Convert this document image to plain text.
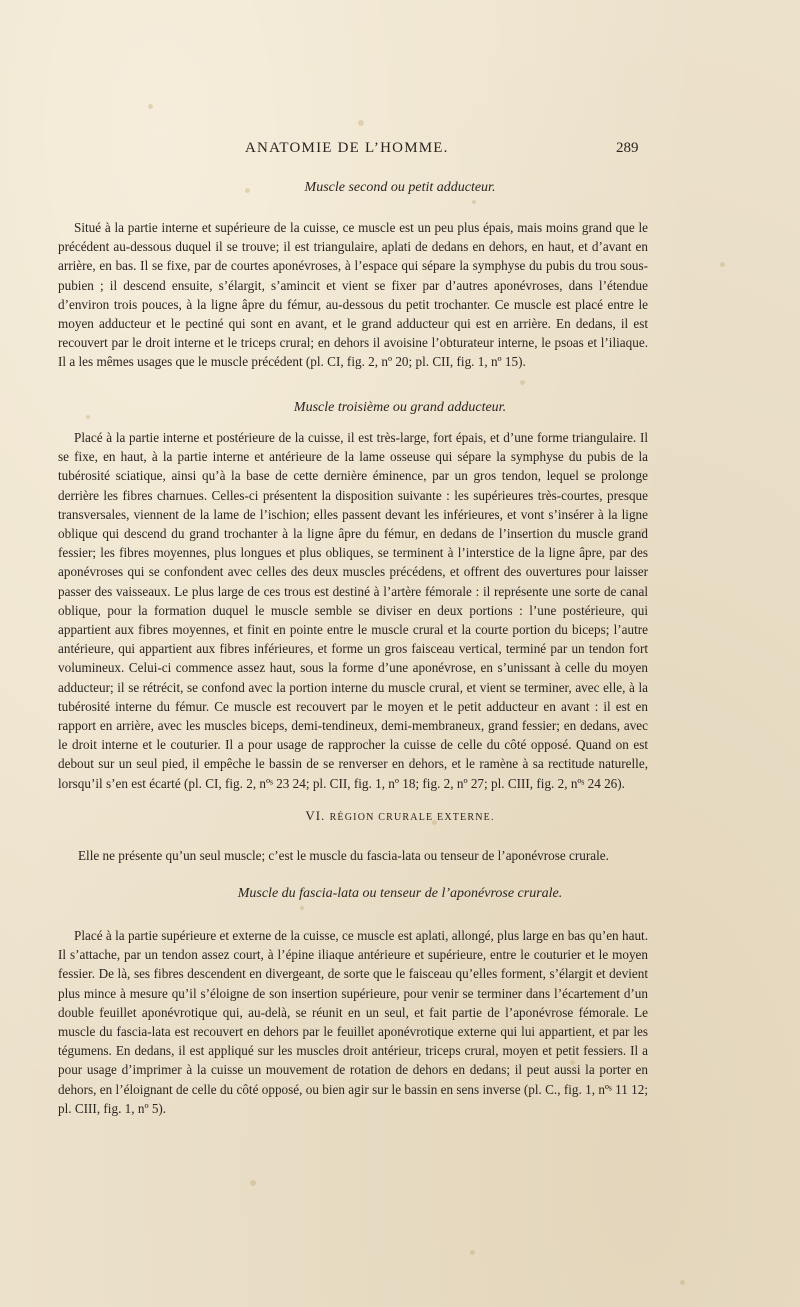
ANATOMIE DE L’HOMME.	289
Muscle second ou petit adducteur.

Situé à la partie interne et supérieure de la cuisse, ce muscle est un peu plus épais, mais moins grand que le précédent au-dessous duquel il se trouve; il est triangulaire, aplati de dedans en dehors, en haut, et d’avant en arrière, en bas. Il se fixe, par de courtes aponévroses, à l’espace qui sépare la symphyse du pubis du trou sous-pubien ; il descend ensuite, s’élargit, s’amincit et vient se fixer par d’autres aponévroses, dans l’étendue d’environ trois pouces, à la ligne âpre du fémur, au-dessous du petit trochanter. Ce muscle est placé entre le moyen adducteur et le pectiné qui sont en avant, et le grand adducteur qui est en arrière. En dedans, il est recouvert par le droit interne et le triceps crural; en dehors il avoisine l’obturateur interne, le psoas et l’iliaque. Il a les mêmes usages que le muscle précédent (pl. CI, fig. 2, nº 20; pl. CII, fig. 1, nº 15).

Muscle troisième ou grand adducteur.

Placé à la partie interne et postérieure de la cuisse, il est très-large, fort épais, et d’une forme triangulaire. Il se fixe, en haut, à la partie interne et antérieure de la lame osseuse qui sépare la symphyse du pubis de la tubérosité sciatique, ainsi qu’à la base de cette dernière éminence, par un gros tendon, lequel se prolonge derrière les fibres charnues. Celles-ci présentent la disposition suivante : les supérieures très-courtes, presque transversales, viennent de la lame de l’ischion; elles passent devant les inférieures, et vont s’insérer à la ligne oblique qui descend du grand trochanter à la ligne âpre du fémur, en dedans de l’insertion du muscle grand fessier; les fibres moyennes, plus longues et plus obliques, se terminent à l’interstice de la ligne âpre, par des aponévroses qui se confondent avec celles des deux muscles précédens, et offrent des ouvertures pour laisser passer des vaisseaux. Le plus large de ces trous est destiné à l’artère fémorale : il représente une sorte de canal oblique, pour la formation duquel le muscle semble se diviser en deux portions : l’une postérieure, qui appartient aux fibres moyennes, et finit en pointe entre le muscle crural et la courte portion du biceps; l’autre antérieure, qui appartient aux fibres inférieures, et forme un gros faisceau vertical, terminé par un tendon fort volumineux. Celui-ci commence assez haut, sous la forme d’une aponévrose, en s’unissant à celle du moyen adducteur; il se rétrécit, se confond avec la portion interne du muscle crural, et vient se terminer, avec elle, à la tubérosité interne du fémur. Ce muscle est recouvert par le moyen et le petit adducteur en avant : il est en rapport en arrière, avec les muscles biceps, demi-tendineux, demi-membraneux, grand fessier; en dedans, avec le droit interne et le couturier. Il a pour usage de rapprocher la cuisse de celle du côté opposé. Quand on est debout sur un seul pied, il empêche le bassin de se renverser en dehors, et le ramène à sa rectitude naturelle, lorsqu’il s’en est écarté (pl. CI, fig. 2, nºˢ 23 24; pl. CII, fig. 1, nº 18; fig. 2, nº 27; pl. CIII, fig. 2, nºˢ 24 26).

VI. RÉGION CRURALE EXTERNE.
Elle ne présente qu’un seul muscle; c’est le muscle du fascia-lata ou tenseur de l’aponévrose crurale.
Muscle du fascia-lata ou tenseur de l’aponévrose crurale.

Placé à la partie supérieure et externe de la cuisse, ce muscle est aplati, allongé, plus large en bas qu’en haut. Il s’attache, par un tendon assez court, à l’épine iliaque antérieure et supérieure, entre le couturier et le moyen fessier. De là, ses fibres descendent en divergeant, de sorte que le faisceau qu’elles forment, s’élargit et devient plus mince à mesure qu’il s’éloigne de son insertion supérieure, pour venir se terminer dans l’écartement d’un double feuillet aponévrotique qui, au-delà, se réunit en un seul, et fait partie de l’aponévrose fémorale. Le muscle du fascia-lata est recouvert en dehors par le feuillet aponévrotique externe qui lui appartient, et par les tégumens. En dedans, il est appliqué sur les muscles droit antérieur, triceps crural, moyen et petit fessiers. Il a pour usage d’imprimer à la cuisse un mouvement de rotation de dehors en dedans; il peut aussi la porter en dehors, en l’éloignant de celle du côté opposé, ou bien agir sur le bassin en sens inverse (pl. C., fig. 1, nºˢ 11 12; pl. CIII, fig. 1, nº 5).
